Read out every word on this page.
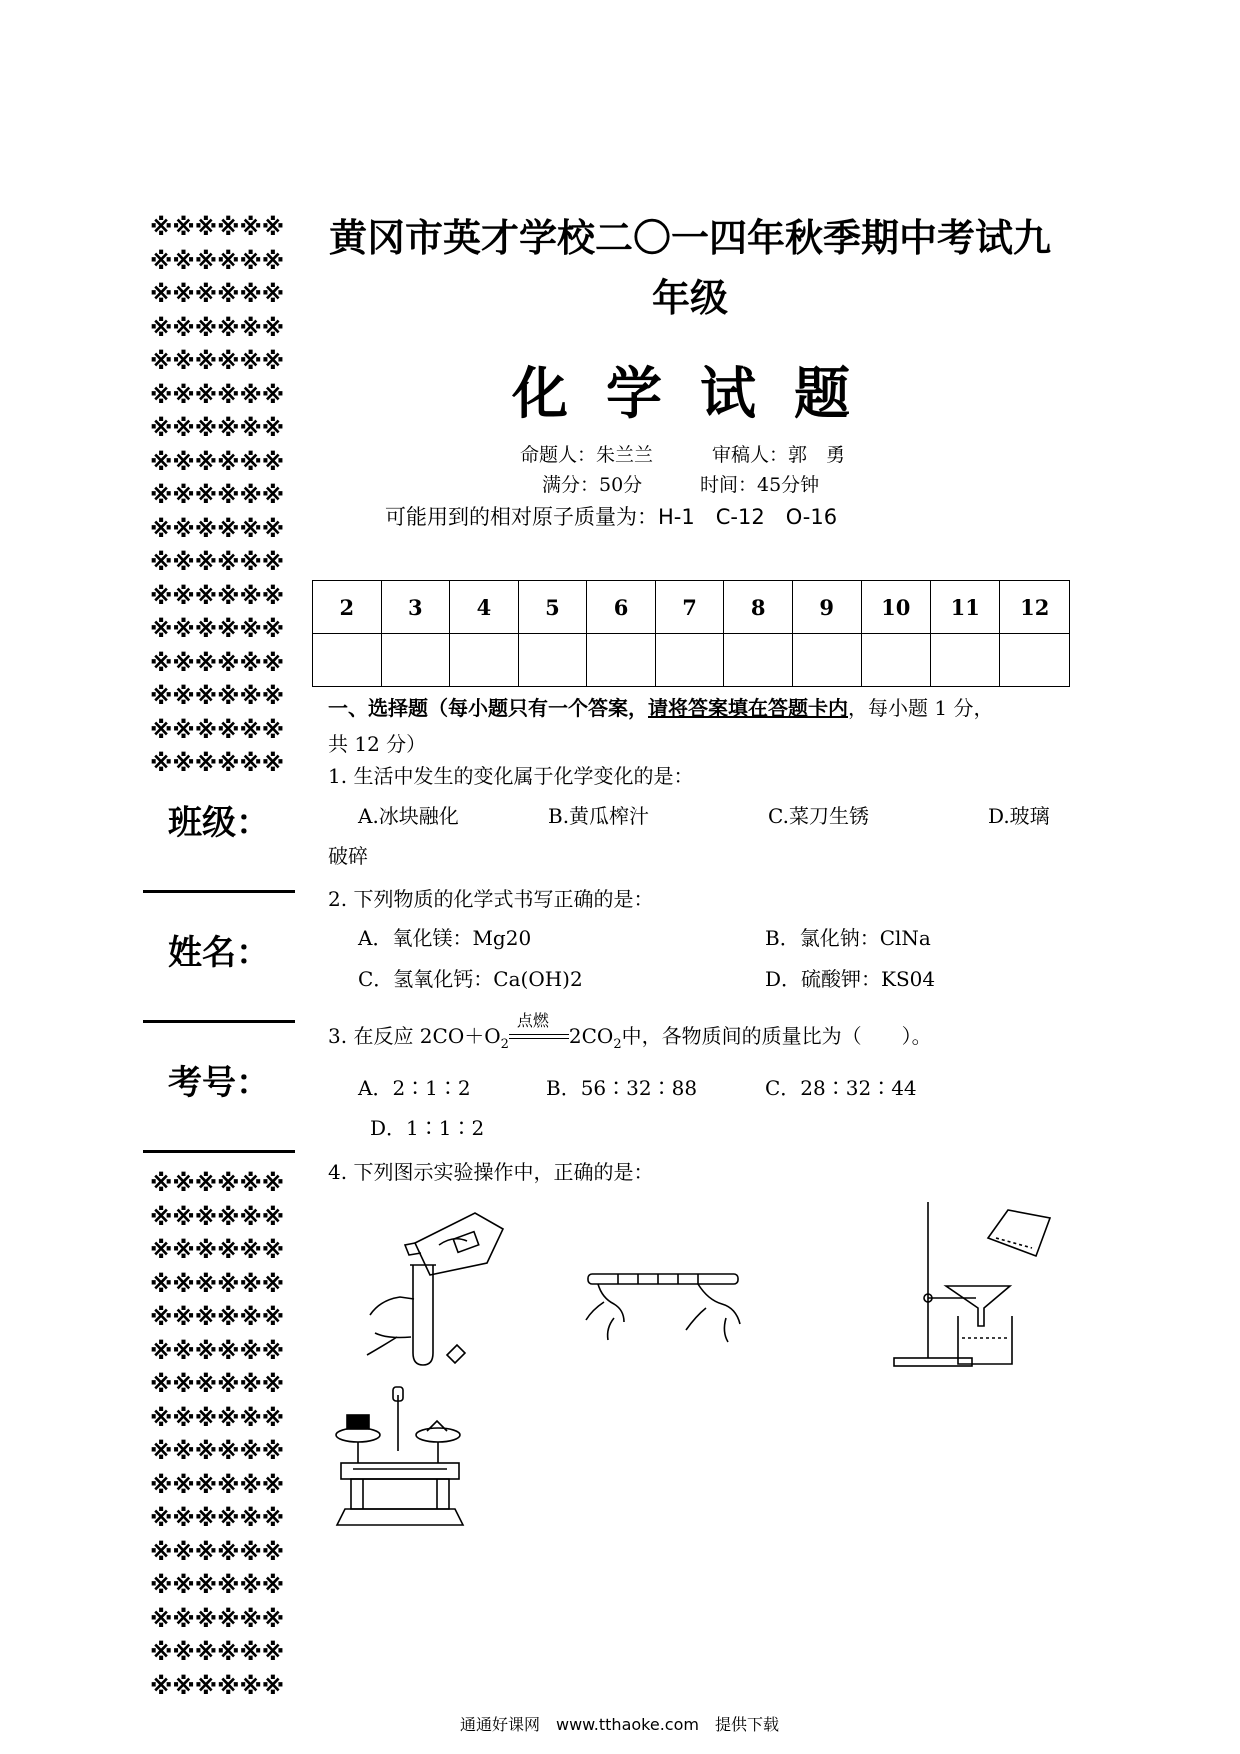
※※※※※※
※※※※※※
※※※※※※
※※※※※※
※※※※※※
※※※※※※
※※※※※※
※※※※※※
※※※※※※
※※※※※※
※※※※※※
※※※※※※
※※※※※※
※※※※※※
※※※※※※
※※※※※※
※※※※※※
班级：
姓名：
考号：
※※※※※※
※※※※※※
※※※※※※
※※※※※※
※※※※※※
※※※※※※
※※※※※※
※※※※※※
※※※※※※
※※※※※※
※※※※※※
※※※※※※
※※※※※※
※※※※※※
※※※※※※
※※※※※※
黄冈市英才学校二〇一四年秋季期中考试九
年级
化学试题
命题人：朱兰兰	审稿人：郭　勇
满分：50分	时间：45分钟
可能用到的相对原子质量为：H-1　C-12　O-16
2	3	4	5	6	7	8	9	10	11	12

一、选择题（每小题只有一个答案，请将答案填在答题卡内，每小题 1 分，
共 12 分）
1. 生活中发生的变化属于化学变化的是：
A.冰块融化	B.黄瓜榨汁	C.菜刀生锈	D.玻璃
破碎
2. 下列物质的化学式书写正确的是：
A．氧化镁：Mg20	B．氯化钠：ClNa
C．氢氧化钙：Ca(OH)2	D．硫酸钾：KS04
3. 在反应 $2CO+O_2$
点燃
$2CO_2$中，各物质间的质量比为（　　）。
A．2∶1∶2	B．56∶32∶88	C．28∶32∶44
D．1∶1∶2
4. 下列图示实验操作中，正确的是：
通通好课网　www.tthaoke.com　提供下载
